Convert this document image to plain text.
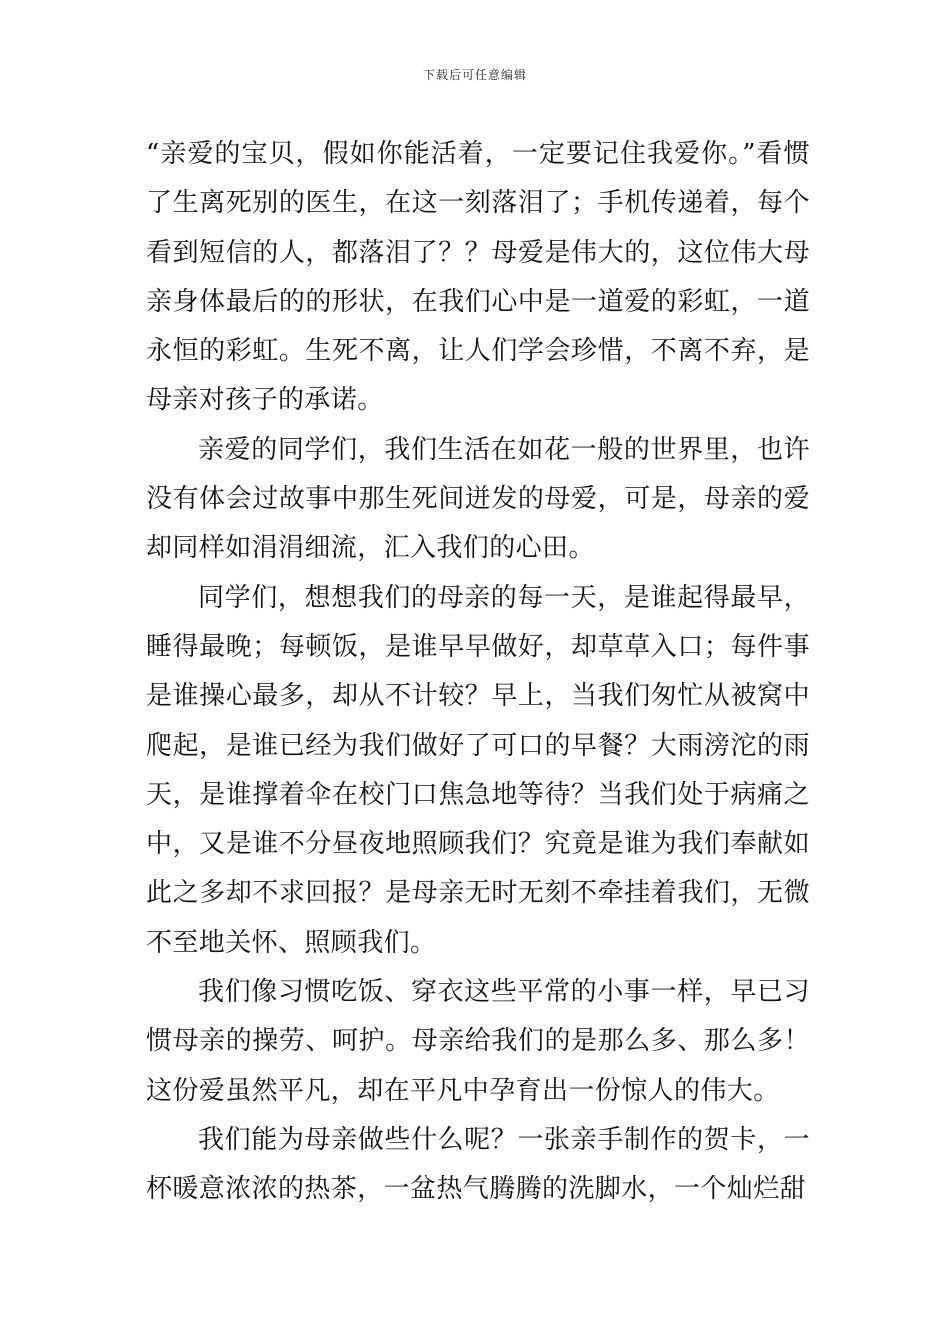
下载后可任意编辑

“亲爱的宝贝，假如你能活着，一定要记住我爱你。”看惯了生离死别的医生，在这一刻落泪了；手机传递着，每个看到短信的人，都落泪了？？母爱是伟大的，这位伟大母亲身体最后的的形状，在我们心中是一道爱的彩虹，一道永恒的彩虹。生死不离，让人们学会珍惜，不离不弃，是母亲对孩子的承诺。

亲爱的同学们，我们生活在如花一般的世界里，也许没有体会过故事中那生死间迸发的母爱，可是，母亲的爱却同样如涓涓细流，汇入我们的心田。

同学们，想想我们的母亲的每一天，是谁起得最早，睡得最晚；每顿饭，是谁早早做好，却草草入口；每件事是谁操心最多，却从不计较？早上，当我们匆忙从被窝中爬起，是谁已经为我们做好了可口的早餐？大雨滂沱的雨天，是谁撑着伞在校门口焦急地等待？当我们处于病痛之中，又是谁不分昼夜地照顾我们？究竟是谁为我们奉献如此之多却不求回报？是母亲无时无刻不牵挂着我们，无微不至地关怀、照顾我们。

我们像习惯吃饭、穿衣这些平常的小事一样，早已习惯母亲的操劳、呵护。母亲给我们的是那么多、那么多！这份爱虽然平凡，却在平凡中孕育出一份惊人的伟大。

我们能为母亲做些什么呢？一张亲手制作的贺卡，一杯暖意浓浓的热茶，一盆热气腾腾的洗脚水，一个灿烂甜
